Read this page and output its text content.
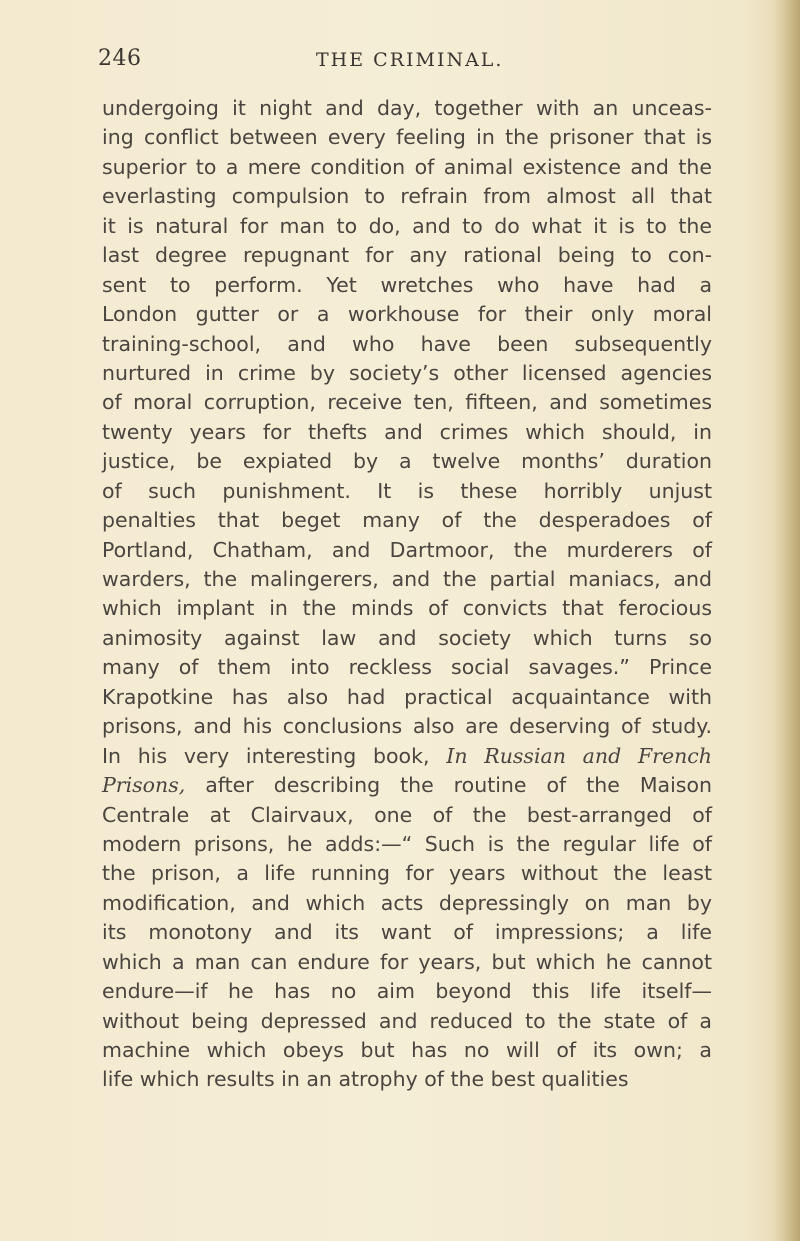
246	THE CRIMINAL.
undergoing it night and day, together with an unceas-
ing conflict between every feeling in the prisoner that is
superior to a mere condition of animal existence and the
everlasting compulsion to refrain from almost all that
it is natural for man to do, and to do what it is to the
last degree repugnant for any rational being to con-
sent to perform. Yet wretches who have had a
London gutter or a workhouse for their only moral
training-school, and who have been subsequently
nurtured in crime by society’s other licensed agencies
of moral corruption, receive ten, fifteen, and sometimes
twenty years for thefts and crimes which should, in
justice, be expiated by a twelve months’ duration
of such punishment. It is these horribly unjust
penalties that beget many of the desperadoes of
Portland, Chatham, and Dartmoor, the murderers of
warders, the malingerers, and the partial maniacs, and
which implant in the minds of convicts that ferocious
animosity against law and society which turns so
many of them into reckless social savages.” Prince
Krapotkine has also had practical acquaintance with
prisons, and his conclusions also are deserving of study.
In his very interesting book, In Russian and French
Prisons, after describing the routine of the Maison
Centrale at Clairvaux, one of the best-arranged of
modern prisons, he adds:—“ Such is the regular life of
the prison, a life running for years without the least
modification, and which acts depressingly on man by
its monotony and its want of impressions; a life
which a man can endure for years, but which he cannot
endure—if he has no aim beyond this life itself—
without being depressed and reduced to the state of a
machine which obeys but has no will of its own; a
life which results in an atrophy of the best qualities
